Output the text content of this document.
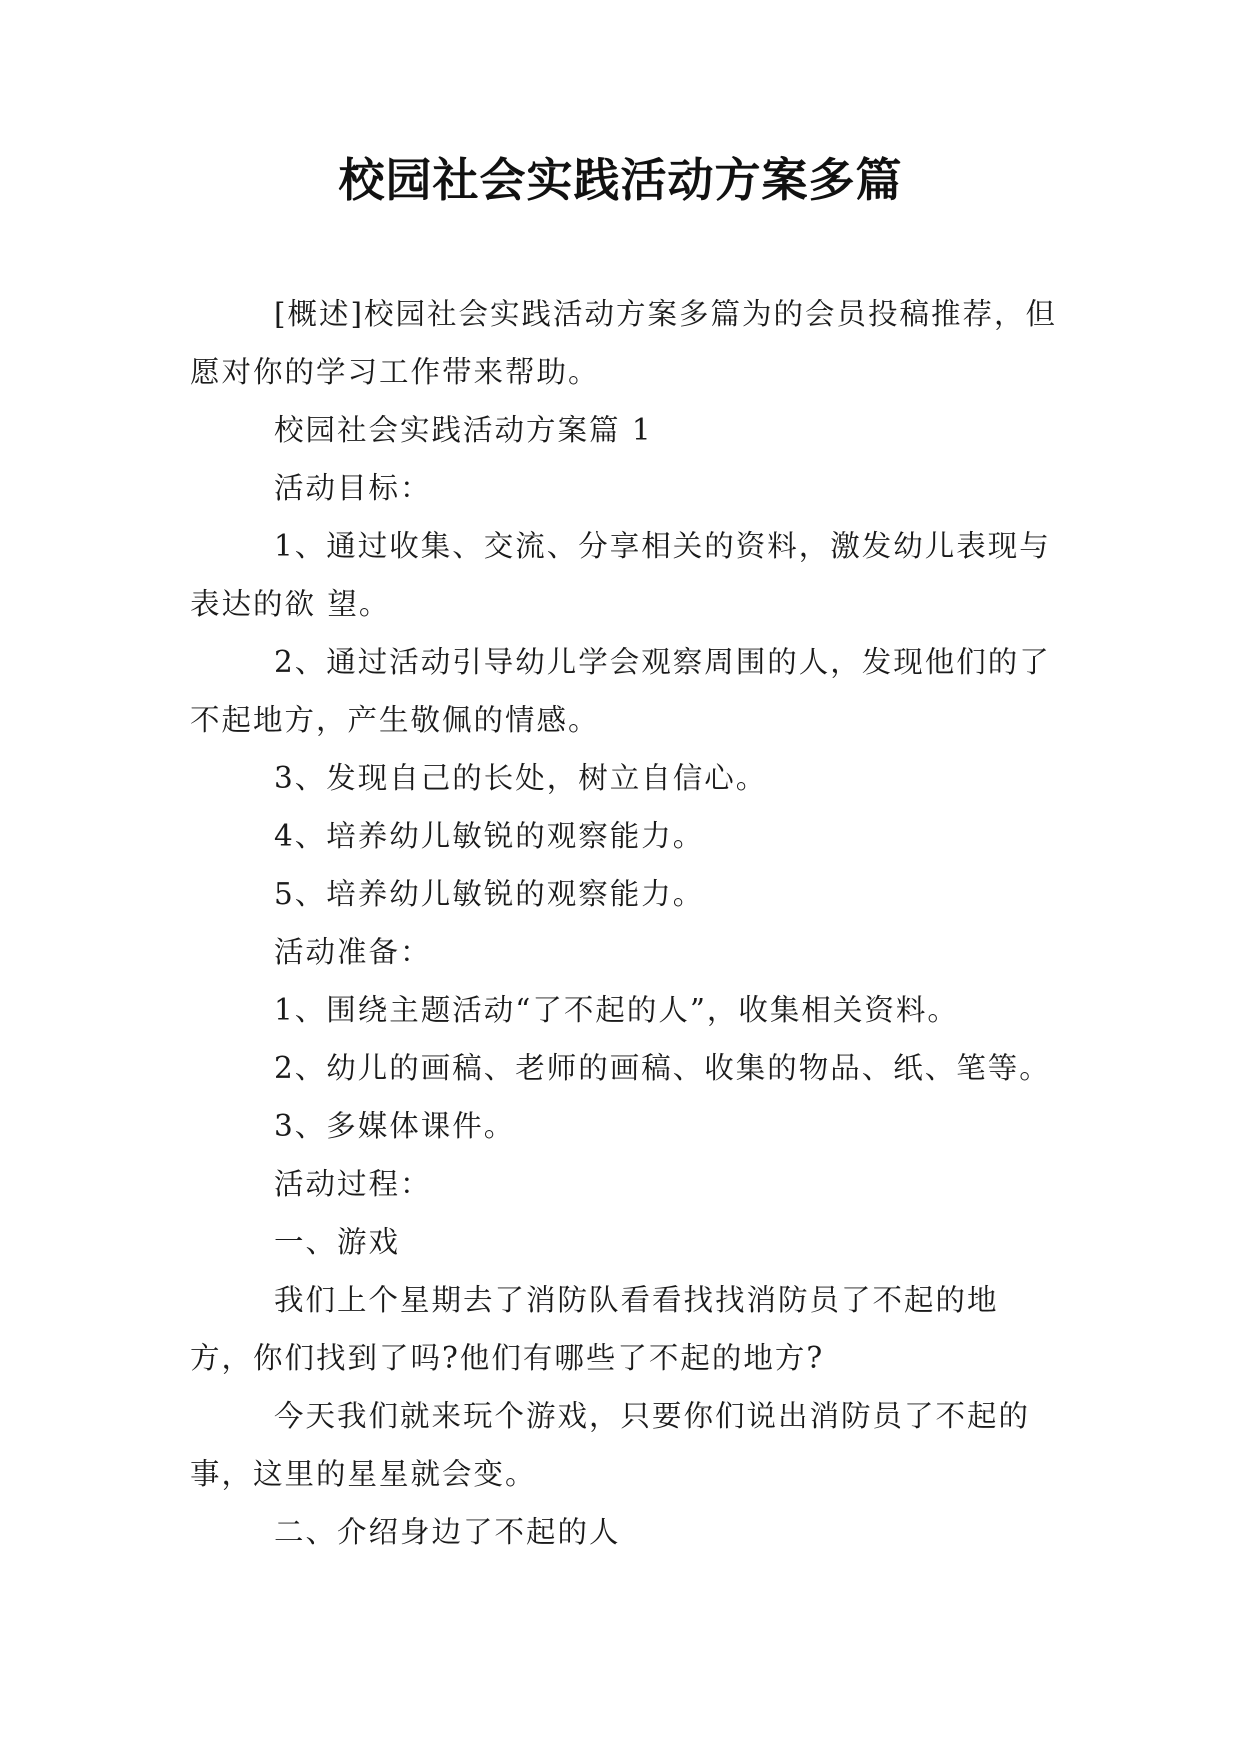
校园社会实践活动方案多篇

[概述]校园社会实践活动方案多篇为的会员投稿推荐，但愿对你的学习工作带来帮助。

校园社会实践活动方案篇 1

活动目标：

1、通过收集、交流、分享相关的资料，激发幼儿表现与表达的欲 望。

2、通过活动引导幼儿学会观察周围的人，发现他们的了不起地方，产生敬佩的情感。

3、发现自己的长处，树立自信心。

4、培养幼儿敏锐的观察能力。

5、培养幼儿敏锐的观察能力。

活动准备：

1、围绕主题活动“了不起的人”，收集相关资料。

2、幼儿的画稿、老师的画稿、收集的物品、纸、笔等。

3、多媒体课件。

活动过程：

一、游戏

我们上个星期去了消防队看看找找消防员了不起的地方，你们找到了吗?他们有哪些了不起的地方?

今天我们就来玩个游戏，只要你们说出消防员了不起的事，这里的星星就会变。

二、介绍身边了不起的人
